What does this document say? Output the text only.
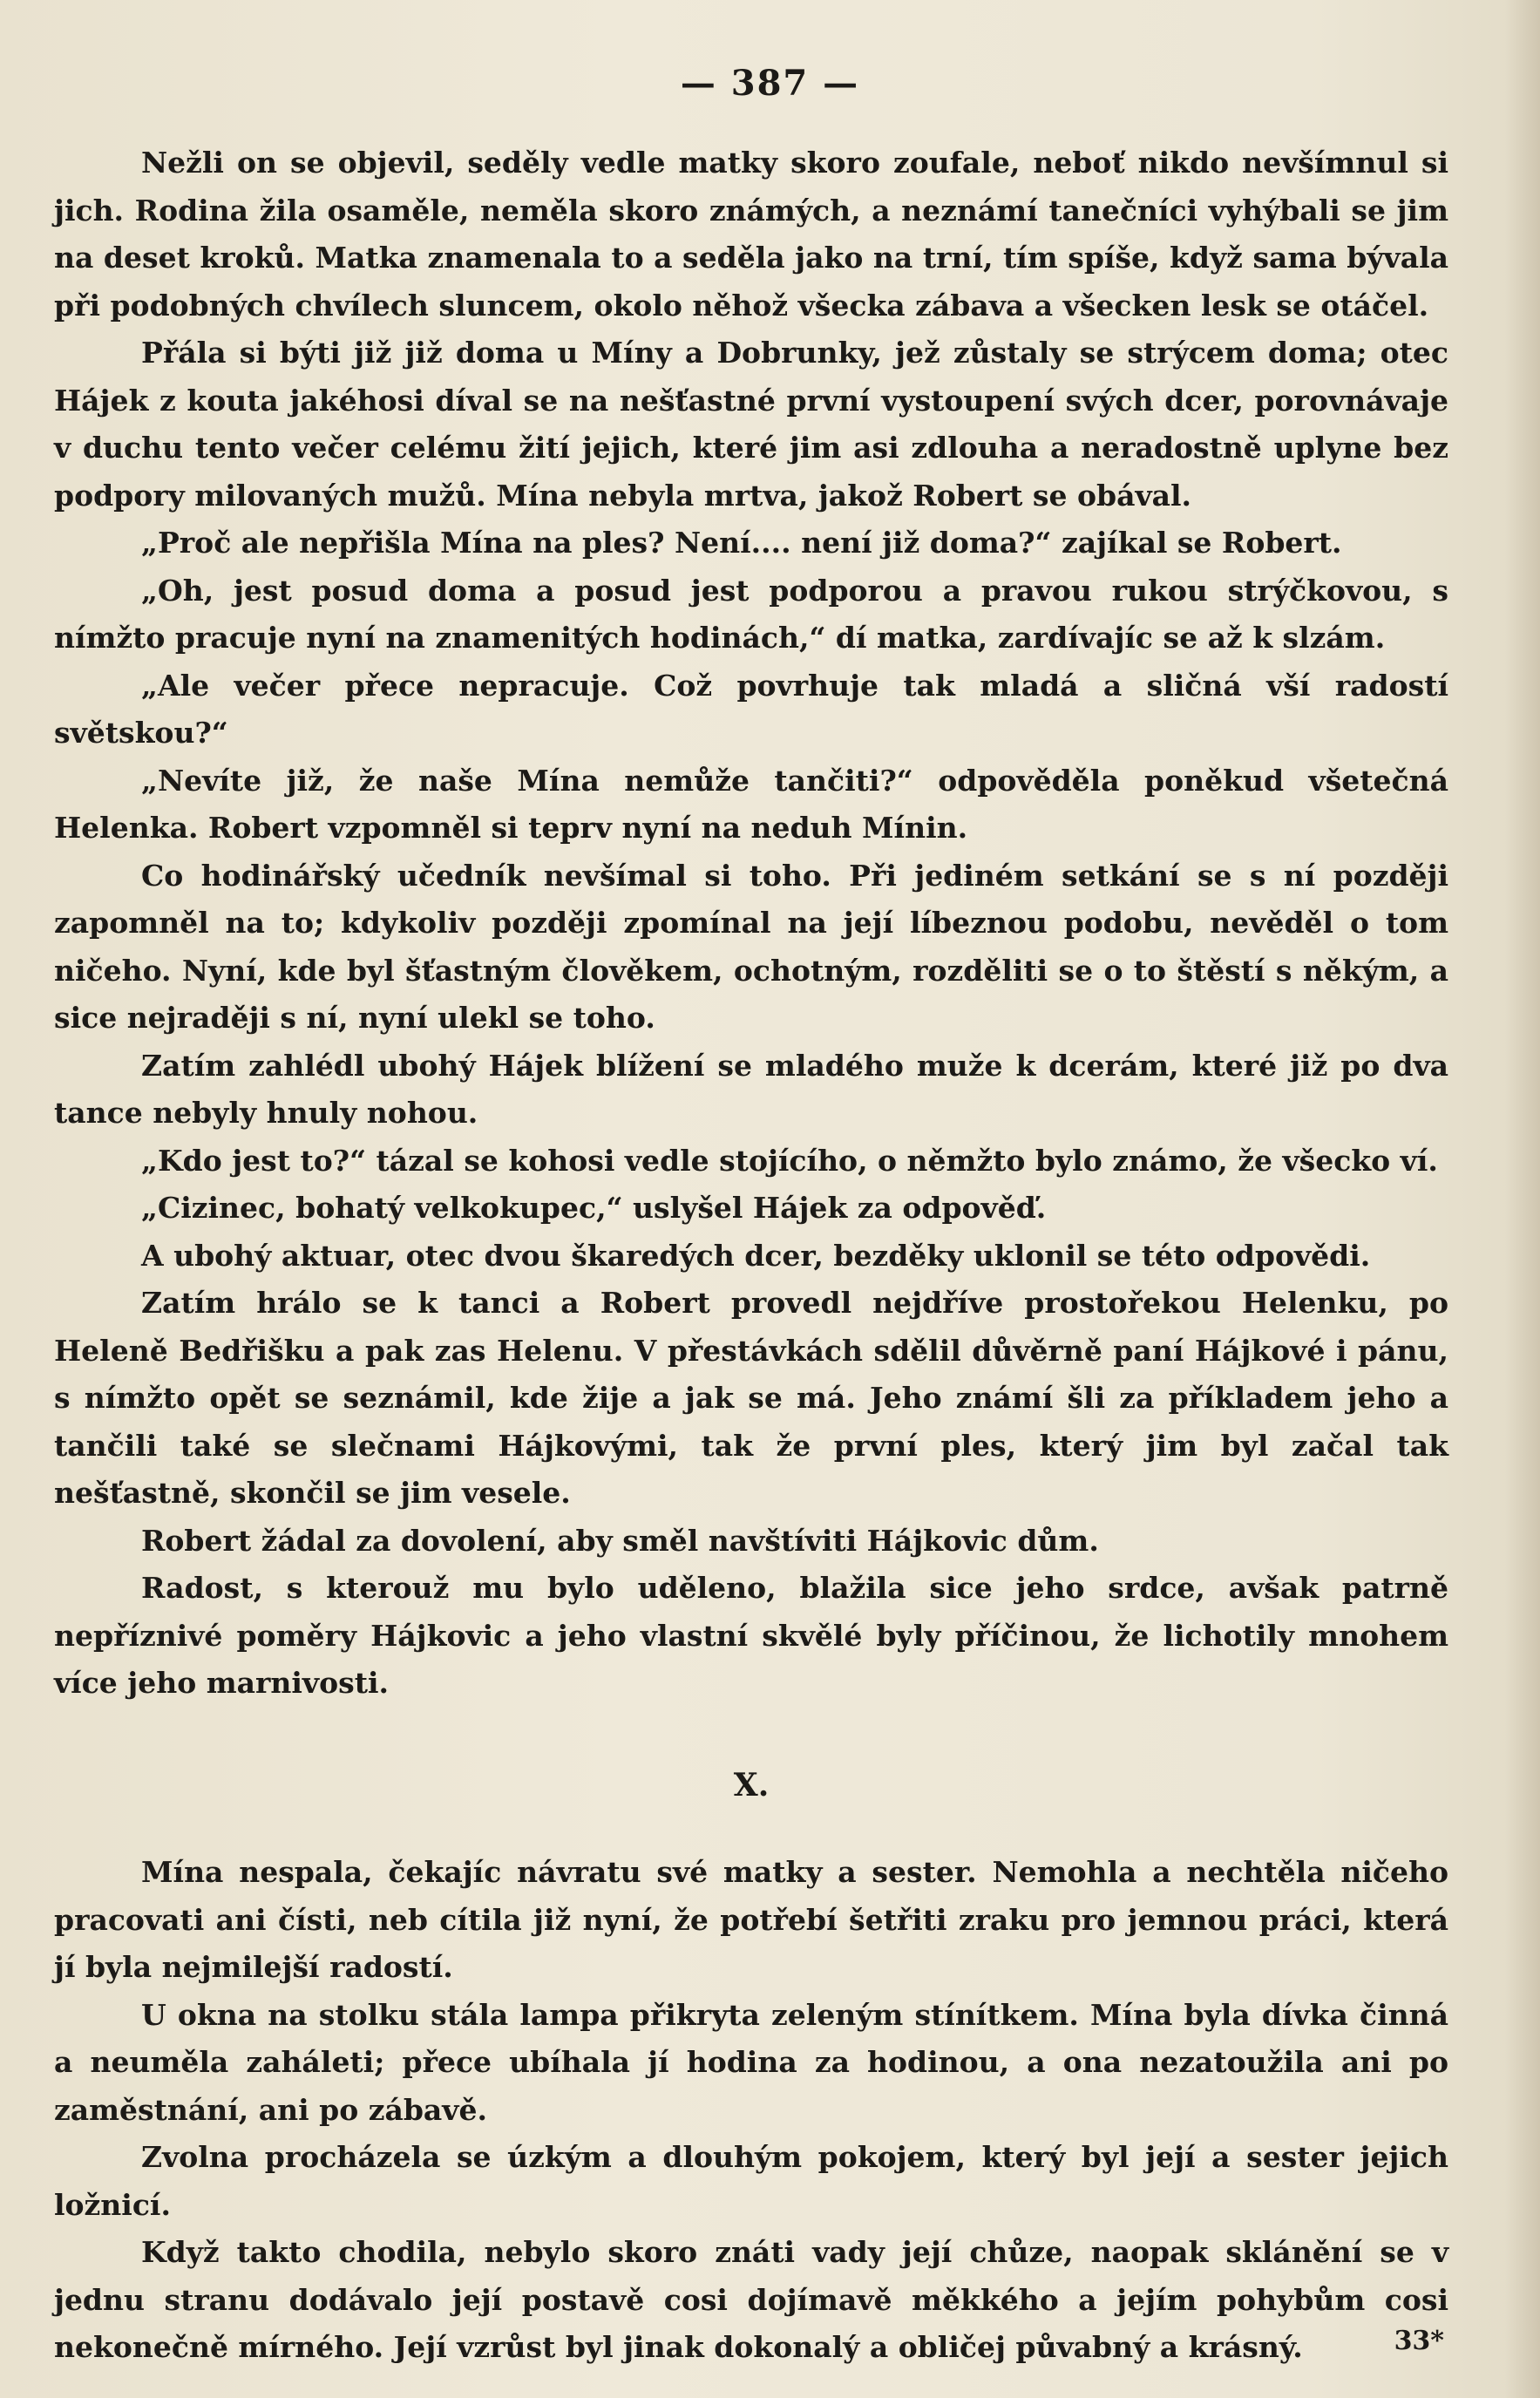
— 387 —

Nežli on se objevil, seděly vedle matky skoro zoufale, neboť nikdo nevšímnul si jich. Rodina žila osaměle, neměla skoro známých, a neznámí tanečníci vyhýbali se jim na deset kroků. Matka znamenala to a seděla jako na trní, tím spíše, když sama bývala při podobných chvílech sluncem, okolo něhož všecka zábava a všecken lesk se otáčel.

Přála si býti již již doma u Míny a Dobrunky, jež zůstaly se strýcem doma; otec Hájek z kouta jakéhosi díval se na nešťastné první vystoupení svých dcer, porovnávaje v duchu tento večer celému žití jejich, které jim asi zdlouha a neradostně uplyne bez podpory milovaných mužů. Mína nebyla mrtva, jakož Robert se obával.

„Proč ale nepřišla Mína na ples? Není.... není již doma?“ zajíkal se Robert.

„Oh, jest posud doma a posud jest podporou a pravou rukou strýčkovou, s nímžto pracuje nyní na znamenitých hodinách,“ dí matka, zardívajíc se až k slzám.

„Ale večer přece nepracuje. Což povrhuje tak mladá a sličná vší radostí světskou?“

„Nevíte již, že naše Mína nemůže tančiti?“ odpověděla poněkud všetečná Helenka. Robert vzpomněl si teprv nyní na neduh Mínin.

Co hodinářský učedník nevšímal si toho. Při jediném setkání se s ní později zapomněl na to; kdykoliv později zpomínal na její líbeznou podobu, nevěděl o tom ničeho. Nyní, kde byl šťastným člověkem, ochotným, rozděliti se o to štěstí s někým, a sice nejraději s ní, nyní ulekl se toho.

Zatím zahlédl ubohý Hájek blížení se mladého muže k dcerám, které již po dva tance nebyly hnuly nohou.

„Kdo jest to?“ tázal se kohosi vedle stojícího, o němžto bylo známo, že všecko ví.

„Cizinec, bohatý velkokupec,“ uslyšel Hájek za odpověď.

A ubohý aktuar, otec dvou škaredých dcer, bezděky uklonil se této odpovědi.

Zatím hrálo se k tanci a Robert provedl nejdříve prostořekou Helenku, po Heleně Bedřišku a pak zas Helenu. V přestávkách sdělil důvěrně paní Hájkové i pánu, s nímžto opět se seznámil, kde žije a jak se má. Jeho známí šli za příkladem jeho a tančili také se slečnami Hájkovými, tak že první ples, který jim byl začal tak nešťastně, skončil se jim vesele.

Robert žádal za dovolení, aby směl navštíviti Hájkovic dům.

Radost, s kterouž mu bylo uděleno, blažila sice jeho srdce, avšak patrně nepříznivé poměry Hájkovic a jeho vlastní skvělé byly příčinou, že lichotily mnohem více jeho marnivosti.

X.

Mína nespala, čekajíc návratu své matky a sester. Nemohla a nechtěla ničeho pracovati ani čísti, neb cítila již nyní, že potřebí šetřiti zraku pro jemnou práci, která jí byla nejmilejší radostí.

U okna na stolku stála lampa přikryta zeleným stínítkem. Mína byla dívka činná a neuměla zaháleti; přece ubíhala jí hodina za hodinou, a ona nezatoužila ani po zaměstnání, ani po zábavě.

Zvolna procházela se úzkým a dlouhým pokojem, který byl její a sester jejich ložnicí.

Když takto chodila, nebylo skoro znáti vady její chůze, naopak sklánění se v jednu stranu dodávalo její postavě cosi dojímavě měkkého a jejím pohybům cosi nekonečně mírného. Její vzrůst byl jinak dokonalý a obličej půvabný a krásný.	33*
